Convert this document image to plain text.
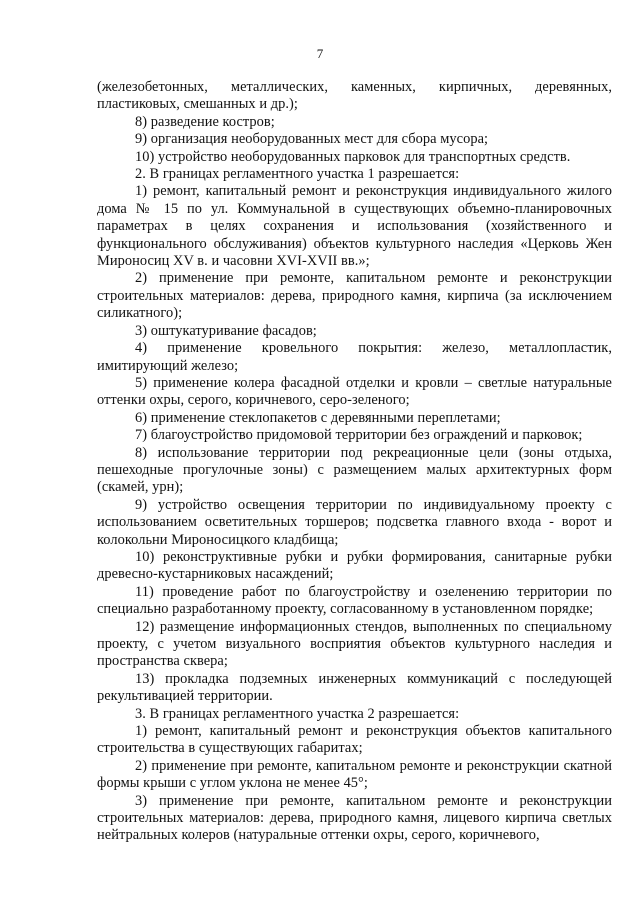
7

(железобетонных, металлических, каменных, кирпичных, деревянных, пластиковых, смешанных и др.);

8) разведение костров;

9) организация необорудованных мест для сбора мусора;

10) устройство необорудованных парковок для транспортных средств.

2. В границах регламентного участка 1 разрешается:

1) ремонт, капитальный ремонт и реконструкция индивидуального жилого дома № 15 по ул. Коммунальной в существующих объемно-планировочных параметрах в целях сохранения и использования (хозяйственного и функционального обслуживания) объектов культурного наследия «Церковь Жен Мироносиц XV в. и часовни XVI-XVII вв.»;

2) применение при ремонте, капитальном ремонте и реконструкции строительных материалов: дерева, природного камня, кирпича (за исключением силикатного);

3) оштукатуривание фасадов;

4) применение кровельного покрытия: железо, металлопластик, имитирующий железо;

5) применение колера фасадной отделки и кровли – светлые натуральные оттенки охры, серого, коричневого, серо-зеленого;

6) применение стеклопакетов с деревянными переплетами;

7) благоустройство придомовой территории без ограждений и парковок;

8) использование территории под рекреационные цели (зоны отдыха, пешеходные прогулочные зоны) с размещением малых архитектурных форм (скамей, урн);

9) устройство освещения территории по индивидуальному проекту с использованием осветительных торшеров; подсветка главного входа - ворот и колокольни Мироносицкого кладбища;

10) реконструктивные рубки и рубки формирования, санитарные рубки древесно-кустарниковых насаждений;

11) проведение работ по благоустройству и озеленению территории по специально разработанному проекту, согласованному в установленном порядке;

12) размещение информационных стендов, выполненных по специальному проекту, с учетом визуального восприятия объектов культурного наследия и пространства сквера;

13) прокладка подземных инженерных коммуникаций с последующей рекультивацией территории.

3. В границах регламентного участка 2 разрешается:

1) ремонт, капитальный ремонт и реконструкция объектов капитального строительства в существующих габаритах;

2) применение при ремонте, капитальном ремонте и реконструкции скатной формы крыши с углом уклона не менее 45°;

3) применение при ремонте, капитальном ремонте и реконструкции строительных материалов: дерева, природного камня, лицевого кирпича светлых нейтральных колеров (натуральные оттенки охры, серого, коричневого,
